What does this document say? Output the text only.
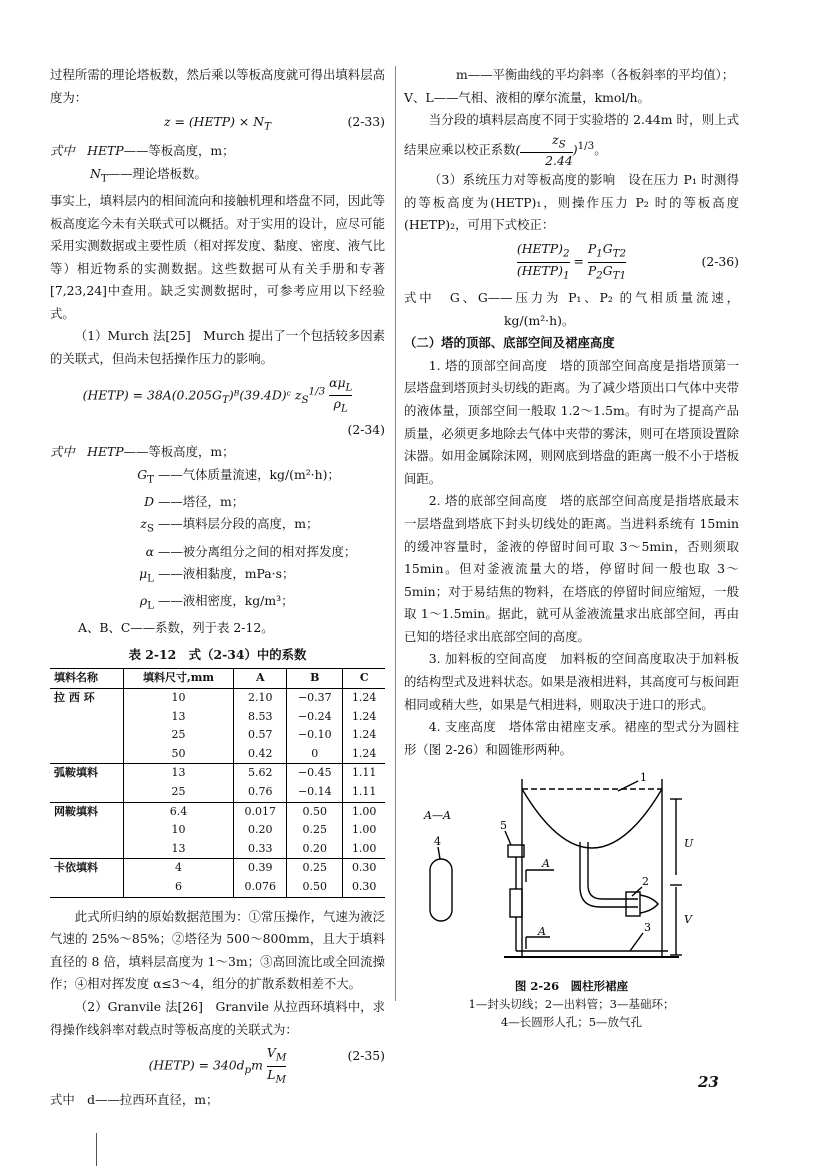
过程所需的理论塔板数，然后乘以等板高度就可得出填料层高度为：

z = (HETP) × $N_T$	(2-33)

式中　HETP——等板高度，m；

$N_T——$理论塔板数。

事实上，填料层内的相间流向和接触机理和塔盘不同，因此等板高度迄今未有关联式可以概括。对于实用的设计，应尽可能采用实测数据或主要性质（相对挥发度、黏度、密度、液气比等）相近物系的实测数据。这些数据可从有关手册和专著[7,23,24]中查用。缺乏实测数据时，可参考应用以下经验式。

（1）Murch 法[25]　Murch 提出了一个包括较多因素的关联式，但尚未包括操作压力的影响。

(HETP) = $38A(0.205G_T)ᴮ(39.4D)ᶜ$ $z_S^{1/3} \frac{\alpha\mu_L}{\rho_L}$
(2-34)

式中　HETP——等板高度，m；

$G_T$ ——气体质量流速，kg/(m²·h)；

D ——塔径，m；

$z_S$ ——填料层分段的高度，m；

α ——被分离组分之间的相对挥发度；

$\mu_L$ ——液相黏度，mPa·s；

$\rho_L$ ——液相密度，kg/m³；

A、B、C——系数，列于表 2-12。

表 2-12　式（2-34）中的系数
填料名称	填料尺寸,mm	A	B	C
拉 西 环	10	2.10	−0.37	1.24
	13	8.53	−0.24	1.24
	25	0.57	−0.10	1.24
	50	0.42	0	1.24
弧鞍填料	13	5.62	−0.45	1.11
	25	0.76	−0.14	1.11
网鞍填料	6.4	0.017	0.50	1.00
	10	0.20	0.25	1.00
	13	0.33	0.20	1.00
卡依填料	4	0.39	0.25	0.30
	6	0.076	0.50	0.30

此式所归纳的原始数据范围为：①常压操作，气速为液泛气速的 25%～85%；②塔径为 500～800mm，且大于填料直径的 8 倍，填料层高度为 1～3m；③高回流比或全回流操作；④相对挥发度 α≤3～4，组分的扩散系数相差不大。

（2）Granvile 法[26]　Granvile 从拉西环填料中，求得操作线斜率对载点时等板高度的关联式为：

(HETP) = $340d_pm \frac{V_M}{L_M}$	(2-35)

式中　d——拉西环直径，m；

m——平衡曲线的平均斜率（各板斜率的平均值）；

V、L——气相、液相的摩尔流量，kmol/h。

当分段的填料层高度不同于实验塔的 2.44m 时，则上式结果应乘以校正系数( $\frac{z_S}{2.44} )^{1/3}$。

（3）系统压力对等板高度的影响　设在压力 P₁ 时测得的等板高度为(HETP)₁，则操作压力 P₂ 时的等板高度(HETP)₂，可用下式校正：

$\frac{(HETP)_2}{(HETP)_1} = \frac{P_1G_{T2}}{P_2G_{T1}}$	(2-36)

式中　G、G——压力为 P₁、P₂ 的气相质量流速，kg/(m²·h)。

（二）塔的顶部、底部空间及裙座高度

1. 塔的顶部空间高度　塔的顶部空间高度是指塔顶第一层塔盘到塔顶封头切线的距离。为了减少塔顶出口气体中夹带的液体量，顶部空间一般取 1.2～1.5m。有时为了提高产品质量，必须更多地除去气体中夹带的雾沫，则可在塔顶设置除沫器。如用金属除沫网，则网底到塔盘的距离一般不小于塔板间距。

2. 塔的底部空间高度　塔的底部空间高度是指塔底最末一层塔盘到塔底下封头切线处的距离。当进料系统有 15min 的缓冲容量时，釜液的停留时间可取 3～5min，否则须取 15min。但对釜液流量大的塔，停留时间一般也取 3～5min；对于易结焦的物料，在塔底的停留时间应缩短，一般取 1～1.5min。据此，就可从釜液流量求出底部空间，再由已知的塔径求出底部空间的高度。

3. 加料板的空间高度　加料板的空间高度取决于加料板的结构型式及进料状态。如果是液相进料，其高度可与板间距相同或稍大些，如果是气相进料，则取决于进口的形式。

4. 支座高度　塔体常由裙座支承。裙座的型式分为圆柱形（图 2-26）和圆锥形两种。

A—A
1
2
3
4
5
A
A
U
V
图 2-26　圆柱形裙座
1—封头切线；2—出料管；3—基础环；
4—长圆形人孔；5—放气孔
23
